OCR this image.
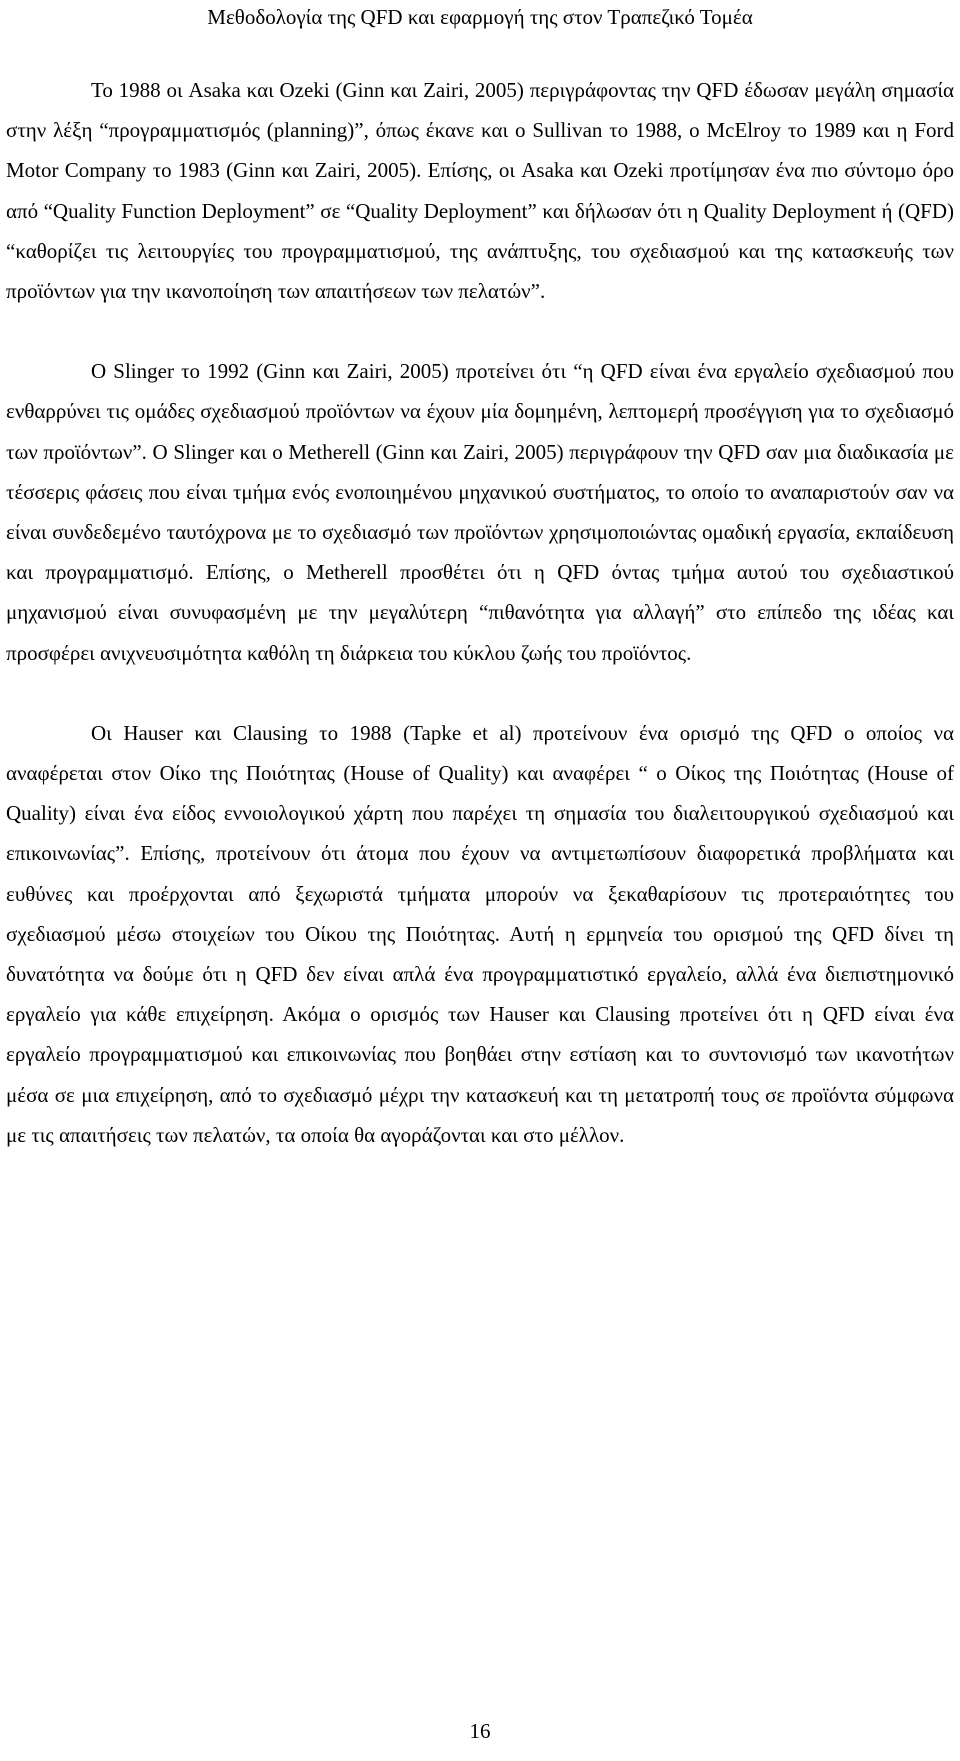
Μεθοδολογία της QFD και εφαρμογή της στον Τραπεζικό Τομέα

Το 1988 οι Asaka και Ozeki (Ginn και Zairi, 2005) περιγράφοντας την QFD έδωσαν μεγάλη σημασία στην λέξη “προγραμματισμός (planning)”, όπως έκανε και ο Sullivan το 1988, ο McElroy το 1989 και η Ford Motor Company το 1983 (Ginn και Zairi, 2005). Επίσης, οι Asaka και Ozeki προτίμησαν ένα πιο σύντομο όρο από “Quality Function Deployment” σε “Quality Deployment” και δήλωσαν ότι η Quality Deployment ή (QFD) “καθορίζει τις λειτουργίες του προγραμματισμού, της ανάπτυξης, του σχεδιασμού και της κατασκευής των προϊόντων για την ικανοποίηση των απαιτήσεων των πελατών”.

O Slinger το 1992 (Ginn και Zairi, 2005) προτείνει ότι “η QFD είναι ένα εργαλείο σχεδιασμού που ενθαρρύνει τις ομάδες σχεδιασμού προϊόντων να έχουν μία δομημένη, λεπτομερή προσέγγιση για το σχεδιασμό των προϊόντων”. Ο Slinger και ο Metherell (Ginn και Zairi, 2005) περιγράφουν την QFD σαν μια διαδικασία με τέσσερις φάσεις που είναι τμήμα ενός ενοποιημένου μηχανικού συστήματος, το οποίο το αναπαριστούν σαν να είναι συνδεδεμένο ταυτόχρονα με το σχεδιασμό των προϊόντων χρησιμοποιώντας ομαδική εργασία, εκπαίδευση και προγραμματισμό. Επίσης, ο Metherell προσθέτει ότι η QFD όντας τμήμα αυτού του σχεδιαστικού μηχανισμού είναι συνυφασμένη με την μεγαλύτερη “πιθανότητα για αλλαγή” στο επίπεδο της ιδέας και προσφέρει ανιχνευσιμότητα καθόλη τη διάρκεια του κύκλου ζωής του προϊόντος.

Οι Hauser και Clausing το 1988 (Tapke et al) προτείνουν ένα ορισμό της QFD ο οποίος να αναφέρεται στον Οίκο της Ποιότητας (House of Quality) και αναφέρει “ ο Οίκος της Ποιότητας (House of Quality) είναι ένα είδος εννοιολογικού χάρτη που παρέχει τη σημασία του διαλειτουργικού σχεδιασμού και επικοινωνίας”. Επίσης, προτείνουν ότι άτομα που έχουν να αντιμετωπίσουν διαφορετικά προβλήματα και ευθύνες και προέρχονται από ξεχωριστά τμήματα μπορούν να ξεκαθαρίσουν τις προτεραιότητες του σχεδιασμού μέσω στοιχείων του Οίκου της Ποιότητας. Αυτή η ερμηνεία του ορισμού της QFD δίνει τη δυνατότητα να δούμε ότι η QFD δεν είναι απλά ένα προγραμματιστικό εργαλείο, αλλά ένα διεπιστημονικό εργαλείο για κάθε επιχείρηση. Ακόμα ο ορισμός των Hauser και Clausing προτείνει ότι η QFD είναι ένα εργαλείο προγραμματισμού και επικοινωνίας που βοηθάει στην εστίαση και το συντονισμό των ικανοτήτων μέσα σε μια επιχείρηση, από το σχεδιασμό μέχρι την κατασκευή και τη μετατροπή τους σε προϊόντα σύμφωνα με τις απαιτήσεις των πελατών, τα οποία θα αγοράζονται και στο μέλλον.

16
